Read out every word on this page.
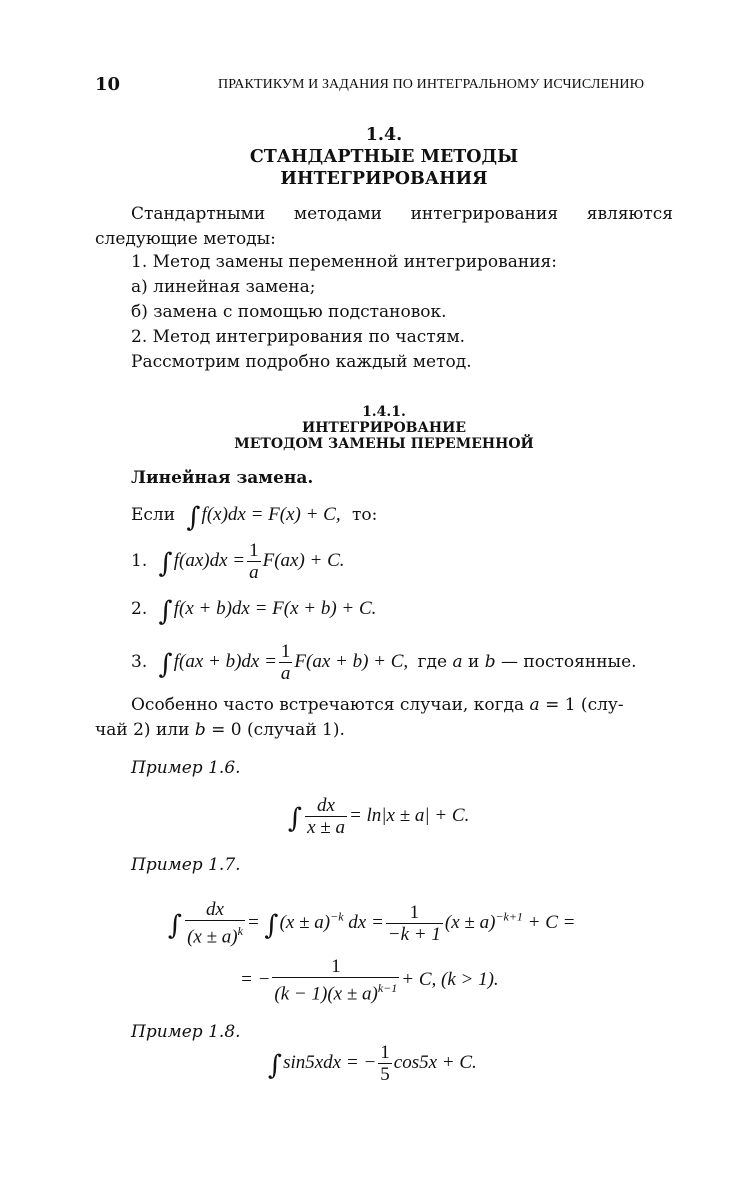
10	ПРАКТИКУМ И ЗАДАНИЯ ПО ИНТЕГРАЛЬНОМУ ИСЧИСЛЕНИЮ
1.4.
СТАНДАРТНЫЕ МЕТОДЫ
ИНТЕГРИРОВАНИЯ
Стандартными методами интегрирования являются
следующие методы:
1. Метод замены переменной интегрирования:
а) линейная замена;
б) замена с помощью подстановок.
2. Метод интегрирования по частям.
Рассмотрим подробно каждый метод.
1.4.1.
ИНТЕГРИРОВАНИЕ
МЕТОДОМ ЗАМЕНЫ ПЕРЕМЕННОЙ
Линейная замена.
Если ∫f(x)dx = F(x) + C, то:
1. $\int f(ax)dx = \frac{1}{a} F(ax) + C$.
2. ∫f(x + b)dx = F(x + b) + C.
3. $\int f(ax + b)dx = \frac{1}{a} F(ax + b) + C$, где a и b — постоянные.
Особенно часто встречаются случаи, когда a = 1 (слу-
чай 2) или b = 0 (случай 1).
Пример 1.6.
∫ $\frac{dx}{x \pm a} = \ln|x \pm a| + C$.
Пример 1.7.
∫ $\frac{dx}{(x \pm a)^k} = \int(x \pm a)^{-k}$ dx = $\frac{1}{-k + 1} (x \pm a)^{-k+1} + C$ =
= − $\frac{1}{(k - 1)(x \pm a)^{k-1}} + C$, (k > 1).
Пример 1.8.
∫sin5xdx = − $\frac{1}{5} \cos 5x + C$.
